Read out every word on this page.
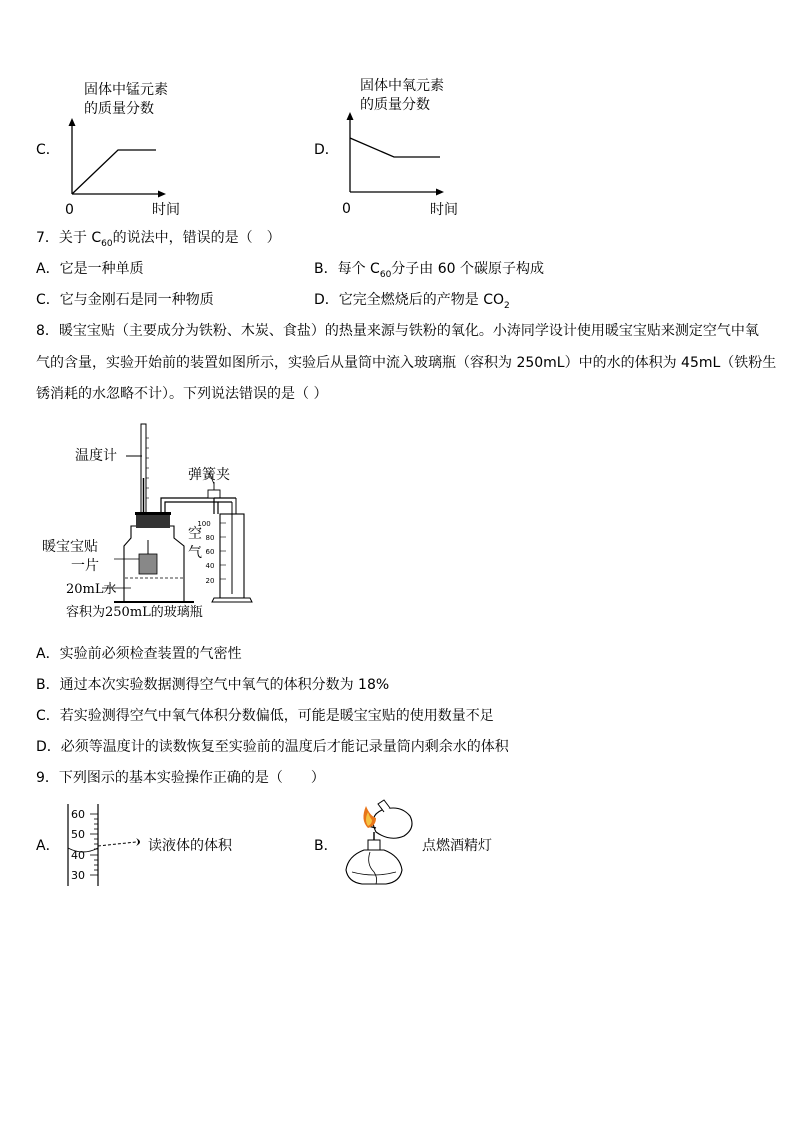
C．
固体中锰元素
的质量分数
0	时间
D．
固体中氧元素
的质量分数
0	时间
7．关于 $C_{60}$的说法中，错误的是（　）
A．它是一种单质	B．每个 $C_{60}$分子由 60 个碳原子构成
C．它与金刚石是同一种物质	D．它完全燃烧后的产物是 $CO_2$
8．暖宝宝贴（主要成分为铁粉、木炭、食盐）的热量来源与铁粉的氧化。小涛同学设计使用暖宝宝贴来测定空气中氧
气的含量，实验开始前的装置如图所示，实验后从量筒中流入玻璃瓶（容积为 250mL）中的水的体积为 45mL（铁粉生
锈消耗的水忽略不计）。下列说法错误的是（ ）
100
80
60
40
20
温度计
弹簧夹
暖宝宝贴
一片
空
气
20mL水
容积为250mL的玻璃瓶
A．实验前必须检查装置的气密性
B．通过本次实验数据测得空气中氧气的体积分数为 18%
C．若实验测得空气中氧气体积分数偏低，可能是暖宝宝贴的使用数量不足
D．必须等温度计的读数恢复至实验前的温度后才能记录量筒内剩余水的体积
9．下列图示的基本实验操作正确的是（　　）
A．
60
50
40
30
读液体的体积	B．	点燃酒精灯
